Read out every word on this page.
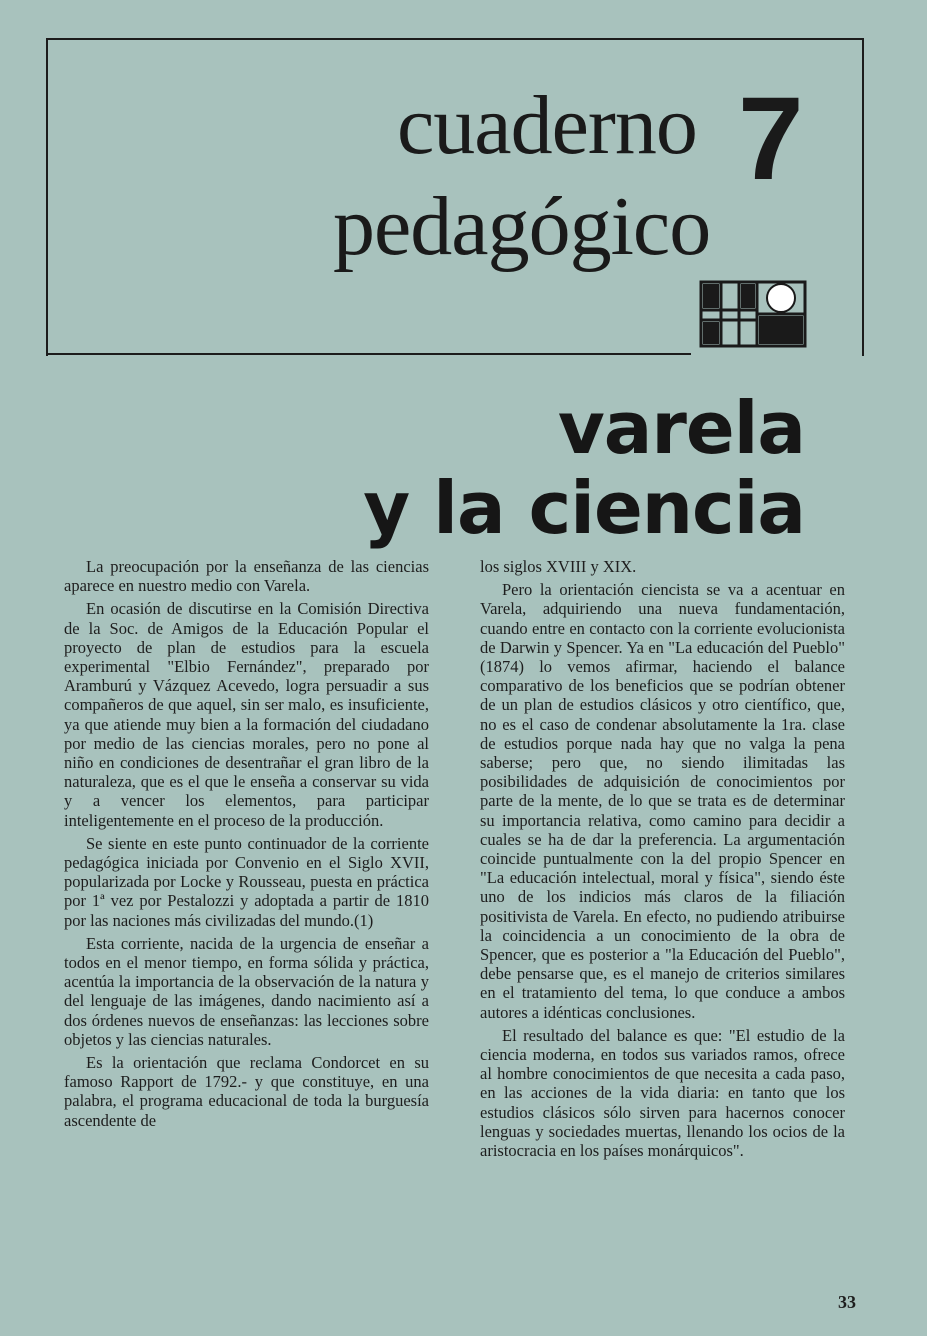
cuaderno
pedagógico
7
varela
y la ciencia

La preocupación por la enseñanza de las ciencias aparece en nuestro medio con Varela.

En ocasión de discutirse en la Comisión Directiva de la Soc. de Amigos de la Educación Popular el proyecto de plan de estudios para la escuela experimental "Elbio Fernández", preparado por Aramburú y Vázquez Acevedo, logra persuadir a sus compañeros de que aquel, sin ser malo, es insuficiente, ya que atiende muy bien a la formación del ciudadano por medio de las ciencias morales, pero no pone al niño en condiciones de desentrañar el gran libro de la naturaleza, que es el que le enseña a conservar su vida y a vencer los elementos, para participar inteligentemente en el proceso de la producción.

Se siente en este punto continuador de la corriente pedagógica iniciada por Convenio en el Siglo XVII, popularizada por Locke y Rousseau, puesta en práctica por 1ª vez por Pestalozzi y adoptada a partir de 1810 por las naciones más civilizadas del mundo.(1)

Esta corriente, nacida de la urgencia de enseñar a todos en el menor tiempo, en forma sólida y práctica, acentúa la importancia de la observación de la natura y del lenguaje de las imágenes, dando nacimiento así a dos órdenes nuevos de enseñanzas: las lecciones sobre objetos y las ciencias naturales.

Es la orientación que reclama Condorcet en su famoso Rapport de 1792.- y que constituye, en una palabra, el programa educacional de toda la burguesía ascendente de

los siglos XVIII y XIX.

Pero la orientación ciencista se va a acentuar en Varela, adquiriendo una nueva fundamentación, cuando entre en contacto con la corriente evolucionista de Darwin y Spencer. Ya en "La educación del Pueblo" (1874) lo vemos afirmar, haciendo el balance comparativo de los beneficios que se podrían obtener de un plan de estudios clásicos y otro científico, que, no es el caso de condenar absolutamente la 1ra. clase de estudios porque nada hay que no valga la pena saberse; pero que, no siendo ilimitadas las posibilidades de adquisición de conocimientos por parte de la mente, de lo que se trata es de determinar su importancia relativa, como camino para decidir a cuales se ha de dar la preferencia. La argumentación coincide puntualmente con la del propio Spencer en "La educación intelectual, moral y física", siendo éste uno de los indicios más claros de la filiación positivista de Varela. En efecto, no pudiendo atribuirse la coincidencia a un conocimiento de la obra de Spencer, que es posterior a "la Educación del Pueblo", debe pensarse que, es el manejo de criterios similares en el tratamiento del tema, lo que conduce a ambos autores a idénticas conclusiones.

El resultado del balance es que: "El estudio de la ciencia moderna, en todos sus variados ramos, ofrece al hombre conocimientos de que necesita a cada paso, en las acciones de la vida diaria: en tanto que los estudios clásicos sólo sirven para hacernos conocer lenguas y sociedades muertas, llenando los ocios de la aristocracia en los países monárquicos".

33
